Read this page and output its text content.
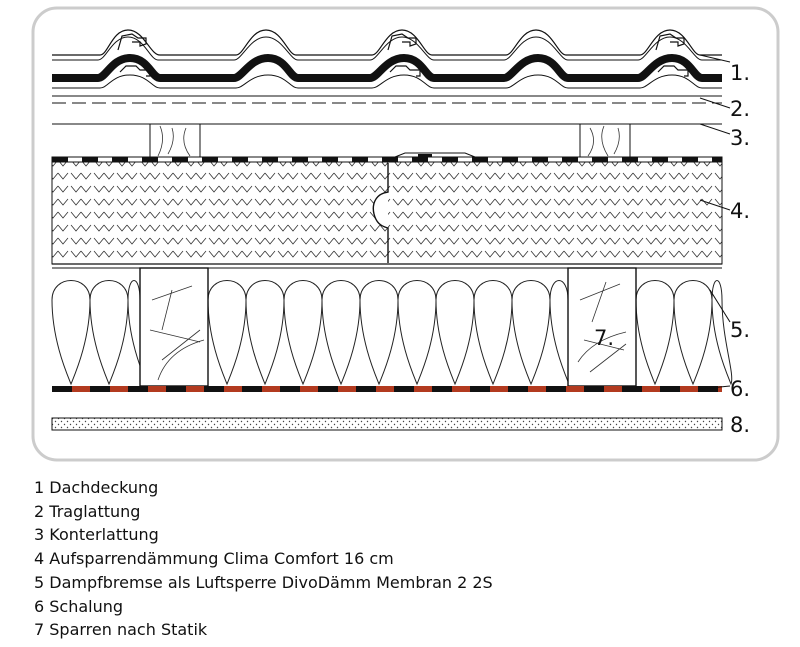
7.
1.
2.
3.
4.
5.
6.
8.
1 Dachdeckung
2 Traglattung
3 Konterlattung
4 Aufsparrendämmung Clima Comfort 16 cm
5 Dampfbremse als Luftsperre DivoDämm Membran 2 2S
6 Schalung
7 Sparren nach Statik
